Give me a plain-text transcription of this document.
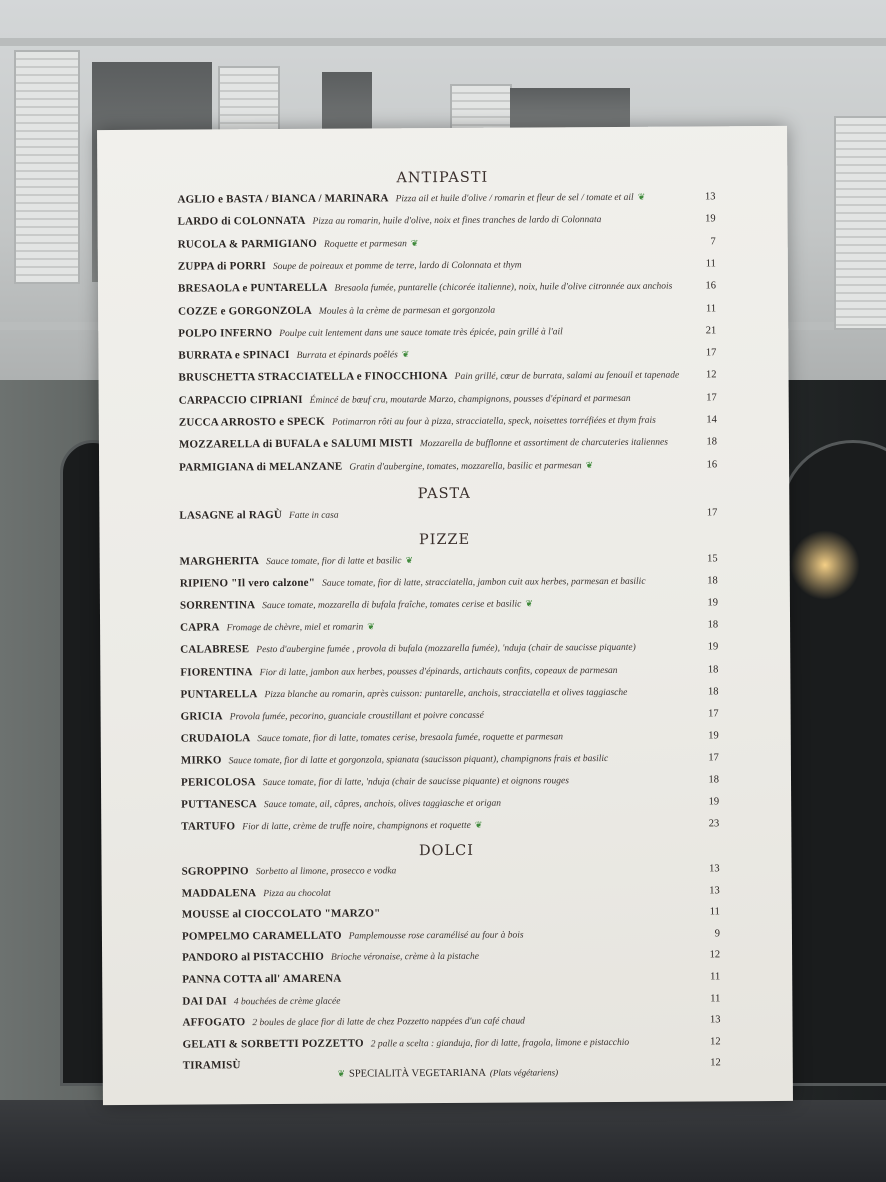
ANTIPASTI
AGLIO e BASTA / BIANCA / MARINARA Pizza ail et huile d'olive / romarin et fleur de sel / tomate et ail ❦	13
LARDO di COLONNATA Pizza au romarin, huile d'olive, noix et fines tranches de lardo di Colonnata	19
RUCOLA & PARMIGIANO Roquette et parmesan ❦	7
ZUPPA di PORRI Soupe de poireaux et pomme de terre, lardo di Colonnata et thym	11
BRESAOLA e PUNTARELLA Bresaola fumée, puntarelle (chicorée italienne), noix, huile d'olive citronnée aux anchois	16
COZZE e GORGONZOLA Moules à la crème de parmesan et gorgonzola	11
POLPO INFERNO Poulpe cuit lentement dans une sauce tomate très épicée, pain grillé à l'ail	21
BURRATA e SPINACI Burrata et épinards poêlés ❦	17
BRUSCHETTA STRACCIATELLA e FINOCCHIONA Pain grillé, cœur de burrata, salami au fenouil et tapenade	12
CARPACCIO CIPRIANI Émincé de bœuf cru, moutarde Marzo, champignons, pousses d'épinard et parmesan	17
ZUCCA ARROSTO e SPECK Potimarron rôti au four à pizza, stracciatella, speck, noisettes torréfiées et thym frais	14
MOZZARELLA di BUFALA e SALUMI MISTI Mozzarella de bufflonne et assortiment de charcuteries italiennes	18
PARMIGIANA di MELANZANE Gratin d'aubergine, tomates, mozzarella, basilic et parmesan ❦	16
PASTA
LASAGNE al RAGÙ Fatte in casa	17
PIZZE
MARGHERITA Sauce tomate, fior di latte et basilic ❦	15
RIPIENO "Il vero calzone" Sauce tomate, fior di latte, stracciatella, jambon cuit aux herbes, parmesan et basilic	18
SORRENTINA Sauce tomate, mozzarella di bufala fraîche, tomates cerise et basilic ❦	19
CAPRA Fromage de chèvre, miel et romarin ❦	18
CALABRESE Pesto d'aubergine fumée , provola di bufala (mozzarella fumée), 'nduja (chair de saucisse piquante)	19
FIORENTINA Fior di latte, jambon aux herbes, pousses d'épinards, artichauts confits, copeaux de parmesan	18
PUNTARELLA Pizza blanche au romarin, après cuisson: puntarelle, anchois, stracciatella et olives taggiasche	18
GRICIA Provola fumée, pecorino, guanciale croustillant et poivre concassé	17
CRUDAIOLA Sauce tomate, fior di latte, tomates cerise, bresaola fumée, roquette et parmesan	19
MIRKO Sauce tomate, fior di latte et gorgonzola, spianata (saucisson piquant), champignons frais et basilic	17
PERICOLOSA Sauce tomate, fior di latte, 'nduja (chair de saucisse piquante) et oignons rouges	18
PUTTANESCA Sauce tomate, ail, câpres, anchois, olives taggiasche et origan	19
TARTUFO Fior di latte, crème de truffe noire, champignons et roquette ❦	23
DOLCI
SGROPPINO Sorbetto al limone, prosecco e vodka	13
MADDALENA Pizza au chocolat	13
MOUSSE al CIOCCOLATO "MARZO"	11
POMPELMO CARAMELLATO Pamplemousse rose caramélisé au four à bois	9
PANDORO al PISTACCHIO Brioche véronaise, crème à la pistache	12
PANNA COTTA all' AMARENA	11
DAI DAI 4 bouchées de crème glacée	11
AFFOGATO 2 boules de glace fior di latte de chez Pozzetto nappées d'un café chaud	13
GELATI & SORBETTI POZZETTO 2 palle a scelta : gianduja, fior di latte, fragola, limone e pistacchio	12
TIRAMISÙ	12
❦ SPECIALITÀ VEGETARIANA (Plats végétariens)
